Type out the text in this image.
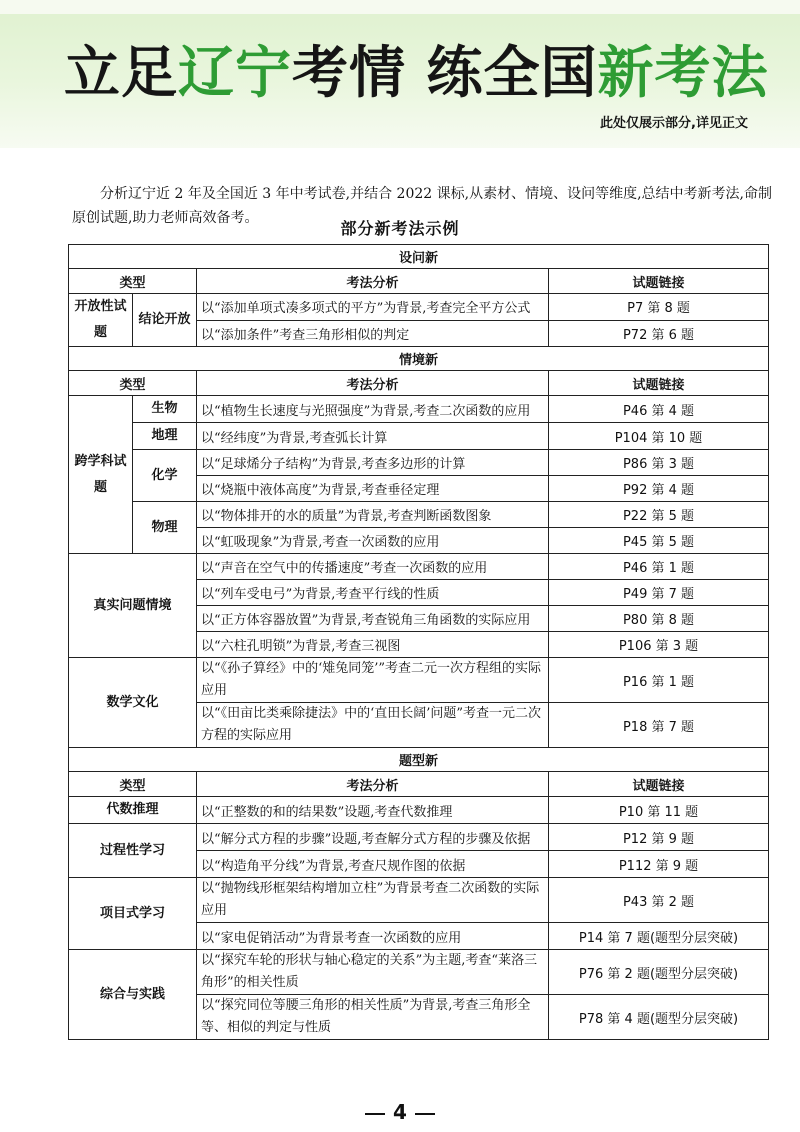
立足辽宁考情 练全国新考法
此处仅展示部分,详见正文

分析辽宁近 2 年及全国近 3 年中考试卷,并结合 2022 课标,从素材、情境、设问等维度,总结中考新考法,命制原创试题,助力老师高效备考。

部分新考法示例
设问新			
类型		考法分析	试题链接
开放性试题	结论开放	以“添加单项式凑多项式的平方”为背景,考查完全平方公式	P7 第 8 题
		以“添加条件”考查三角形相似的判定	P72 第 6 题
情境新			
类型		考法分析	试题链接
跨学科试题	生物	以“植物生长速度与光照强度”为背景,考查二次函数的应用	P46 第 4 题
	地理	以“经纬度”为背景,考查弧长计算	P104 第 10 题
	化学	以“足球烯分子结构”为背景,考查多边形的计算	P86 第 3 题
		以“烧瓶中液体高度”为背景,考查垂径定理	P92 第 4 题
	物理	以“物体排开的水的质量”为背景,考查判断函数图象	P22 第 5 题
		以“虹吸现象”为背景,考查一次函数的应用	P45 第 5 题
真实问题情境		以“声音在空气中的传播速度”考查一次函数的应用	P46 第 1 题
		以“列车受电弓”为背景,考查平行线的性质	P49 第 7 题
		以“正方体容器放置”为背景,考查锐角三角函数的实际应用	P80 第 8 题
		以“六柱孔明锁”为背景,考查三视图	P106 第 3 题
数学文化		以“《孙子算经》中的‘雉兔同笼’”考查二元一次方程组的实际应用	P16 第 1 题
		以“《田亩比类乘除捷法》中的‘直田长阔’问题”考查一元二次方程的实际应用	P18 第 7 题
题型新			
类型		考法分析	试题链接
代数推理		以“正整数的和的结果数”设题,考查代数推理	P10 第 11 题
过程性学习		以“解分式方程的步骤”设题,考查解分式方程的步骤及依据	P12 第 9 题
		以“构造角平分线”为背景,考查尺规作图的依据	P112 第 9 题
项目式学习		以“抛物线形框架结构增加立柱”为背景考查二次函数的实际应用	P43 第 2 题
		以“家电促销活动”为背景考查一次函数的应用	P14 第 7 题(题型分层突破)
综合与实践		以“探究车轮的形状与轴心稳定的关系”为主题,考查“莱洛三角形”的相关性质	P76 第 2 题(题型分层突破)
		以“探究同位等腰三角形的相关性质”为背景,考查三角形全等、相似的判定与性质	P78 第 4 题(题型分层突破)
4
